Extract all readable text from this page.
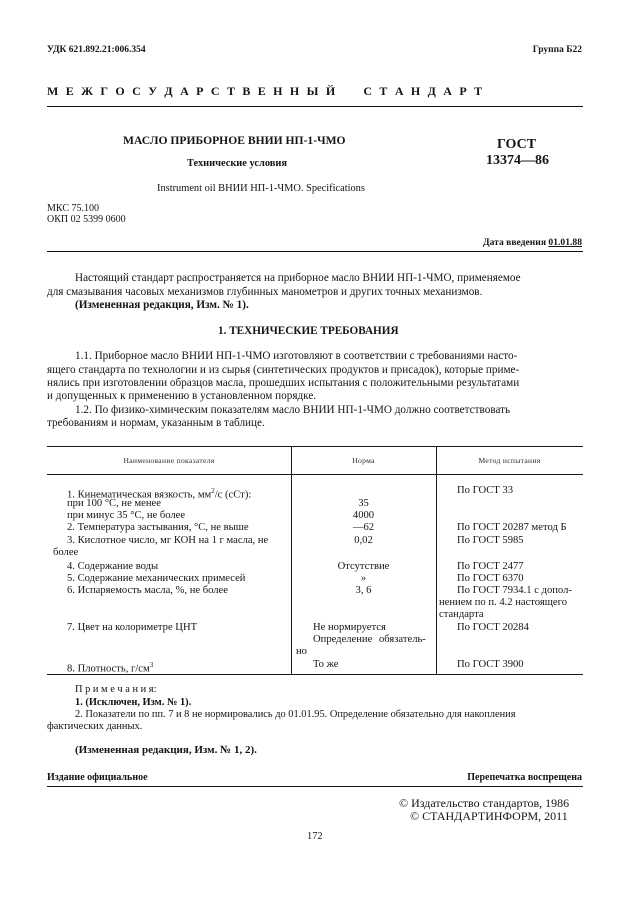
УДК 621.892.21:006.354	Группа Б22
М Е Ж Г О С У Д А Р С Т В Е Н Н Ы Й     С Т А Н Д А Р Т
МАСЛО ПРИБОРНОЕ ВНИИ НП-1-ЧМО
Технические условия
Instrument oil ВНИИ НП-1-ЧМО. Specifications
ГОСТ
13374—86
МКС 75.100
ОКП 02 5399 0600
Дата введения 01.01.88
Настоящий стандарт распространяется на приборное масло ВНИИ НП-1-ЧМО, применяемое
для смазывания часовых механизмов глубинных манометров и других точных механизмов.
(Измененная редакция, Изм. № 1).
1. ТЕХНИЧЕСКИЕ ТРЕБОВАНИЯ
1.1. Приборное масло ВНИИ НП-1-ЧМО изготовляют в соответствии с требованиями насто-
ящего стандарта по технологии и из сырья (синтетических продуктов и присадок), которые приме-
нялись при изготовлении образцов масла, прошедших испытания с положительными результатами
и допущенных к применению в установленном порядке.
1.2. По физико-химическим показателям масло ВНИИ НП-1-ЧМО должно соответствовать
требованиям и нормам, указанным в таблице.
Наименование показателя	Норма	Метод испытания
1. Кинематическая вязкость, $мм^2/с$ (сСт):	По ГОСТ 33
при 100 °С, не менее	35
при минус 35 °С, не более	4000
2. Температура застывания, °С, не выше	—62	По ГОСТ 20287 метод Б
3. Кислотное число, мг КОН на 1 г масла, не	0,02	По ГОСТ 5985
более
4. Содержание воды	Отсутствие	По ГОСТ 2477
5. Содержание механических примесей	»	По ГОСТ 6370
6. Испаряемость масла, %, не более	3, 6	По ГОСТ 7934.1 с допол-
нением по п. 4.2 настоящего
стандарта
7. Цвет на колориметре ЦНТ	Не нормируется	По ГОСТ 20284
Определение обязатель-
но
8. Плотность, $г/см^3$	То же	По ГОСТ 3900
П р и м е ч а н и я:
1. (Исключен, Изм. № 1).
2. Показатели по пп. 7 и 8 не нормировались до 01.01.95. Определение обязательно для накопления
фактических данных.
(Измененная редакция, Изм. № 1, 2).
Издание официальное	Перепечатка воспрещена
© Издательство стандартов, 1986
© СТАНДАРТИНФОРМ, 2011
172
